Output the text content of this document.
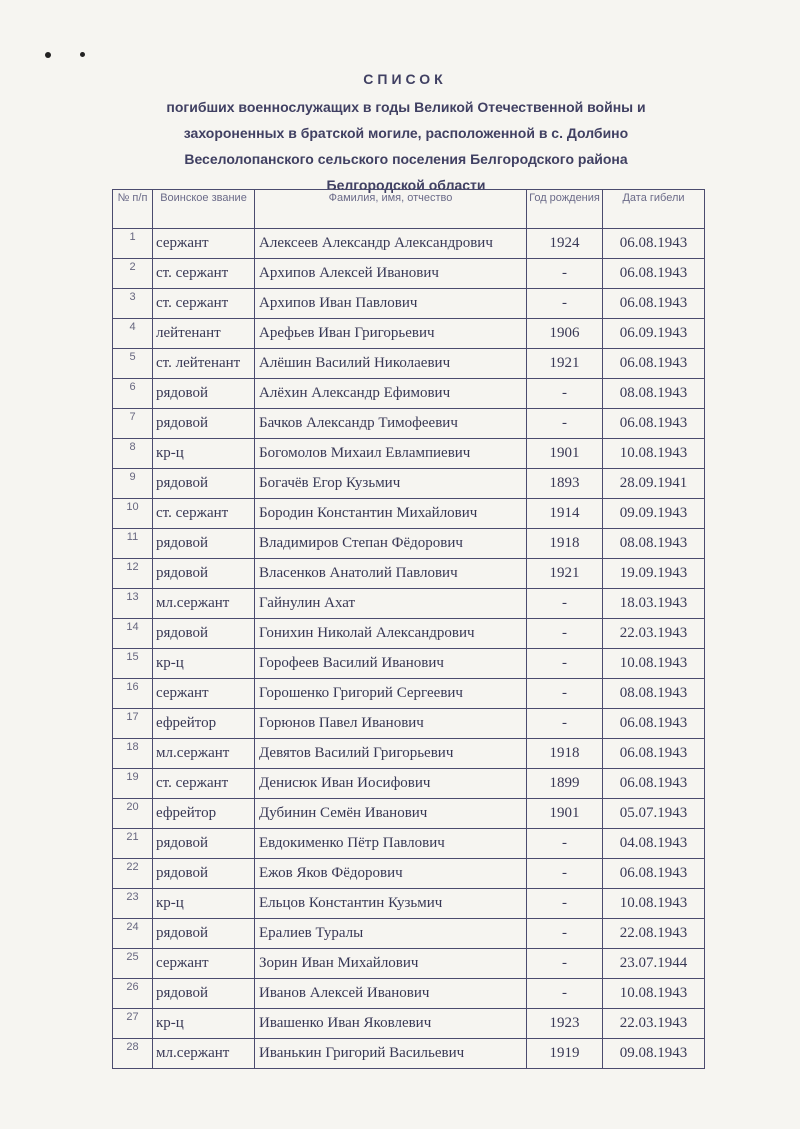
СПИСОК
погибших военнослужащих в годы Великой Отечественной войны и
захороненных в братской могиле, расположенной в с. Долбино
Веселолопанского сельского поселения Белгородского района
Белгородской области
№ п/п	Воинское звание	Фамилия, имя, отчество	Год рождения	Дата гибели
1	сержант	Алексеев Александр Александрович	1924	06.08.1943
2	ст. сержант	Архипов Алексей Иванович	-	06.08.1943
3	ст. сержант	Архипов Иван Павлович	-	06.08.1943
4	лейтенант	Арефьев Иван Григорьевич	1906	06.09.1943
5	ст. лейтенант	Алёшин Василий Николаевич	1921	06.08.1943
6	рядовой	Алёхин Александр Ефимович	-	08.08.1943
7	рядовой	Бачков Александр Тимофеевич	-	06.08.1943
8	кр-ц	Богомолов Михаил Евлампиевич	1901	10.08.1943
9	рядовой	Богачёв Егор Кузьмич	1893	28.09.1941
10	ст. сержант	Бородин Константин Михайлович	1914	09.09.1943
11	рядовой	Владимиров Степан Фёдорович	1918	08.08.1943
12	рядовой	Власенков Анатолий Павлович	1921	19.09.1943
13	мл.сержант	Гайнулин Ахат	-	18.03.1943
14	рядовой	Гонихин Николай Александрович	-	22.03.1943
15	кр-ц	Горофеев Василий Иванович	-	10.08.1943
16	сержант	Горошенко Григорий Сергеевич	-	08.08.1943
17	ефрейтор	Горюнов Павел Иванович	-	06.08.1943
18	мл.сержант	Девятов Василий Григорьевич	1918	06.08.1943
19	ст. сержант	Денисюк Иван Иосифович	1899	06.08.1943
20	ефрейтор	Дубинин Семён Иванович	1901	05.07.1943
21	рядовой	Евдокименко Пётр Павлович	-	04.08.1943
22	рядовой	Ежов Яков Фёдорович	-	06.08.1943
23	кр-ц	Ельцов Константин Кузьмич	-	10.08.1943
24	рядовой	Ералиев Туралы	-	22.08.1943
25	сержант	Зорин Иван Михайлович	-	23.07.1944
26	рядовой	Иванов Алексей Иванович	-	10.08.1943
27	кр-ц	Ивашенко Иван Яковлевич	1923	22.03.1943
28	мл.сержант	Иванькин Григорий Васильевич	1919	09.08.1943
